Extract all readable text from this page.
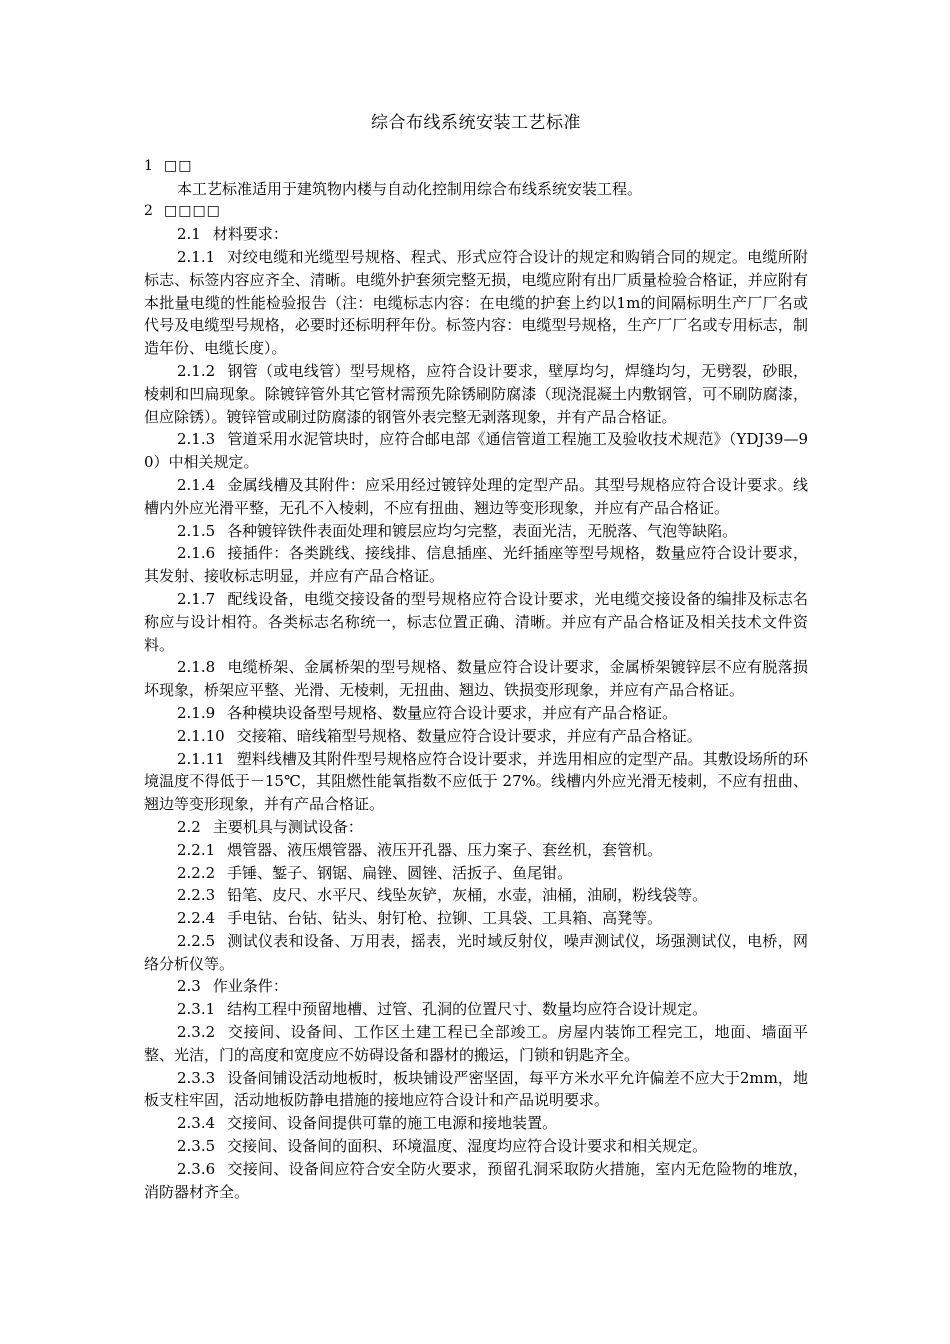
综合布线系统安装工艺标准
1 □□

本工艺标准适用于建筑物内楼与自动化控制用综合布线系统安装工程。

2 □□□□

2.1 材料要求：

2.1.1 对绞电缆和光缆型号规格、程式、形式应符合设计的规定和购销合同的规定。电缆所附标志、标签内容应齐全、清晰。电缆外护套须完整无损，电缆应附有出厂质量检验合格证，并应附有本批量电缆的性能检验报告（注：电缆标志内容：在电缆的护套上约以1m的间隔标明生产厂厂名或代号及电缆型号规格，必要时还标明秤年份。标签内容：电缆型号规格，生产厂厂名或专用标志，制造年份、电缆长度）。

2.1.2 钢管（或电线管）型号规格，应符合设计要求，壁厚均匀，焊缝均匀，无劈裂，砂眼，棱刺和凹扁现象。除镀锌管外其它管材需预先除锈刷防腐漆（现浇混凝土内敷钢管，可不刷防腐漆，但应除锈）。镀锌管或刷过防腐漆的钢管外表完整无剥落现象，并有产品合格证。

2.1.3 管道采用水泥管块时，应符合邮电部《通信管道工程施工及验收技术规范》（YDJ39—90）中相关规定。

2.1.4 金属线槽及其附件：应采用经过镀锌处理的定型产品。其型号规格应符合设计要求。线槽内外应光滑平整，无孔不入棱刺，不应有扭曲、翘边等变形现象，并应有产品合格证。

2.1.5 各种镀锌铁件表面处理和镀层应均匀完整，表面光洁，无脱落、气泡等缺陷。

2.1.6 接插件：各类跳线、接线排、信息插座、光纤插座等型号规格，数量应符合设计要求，其发射、接收标志明显，并应有产品合格证。

2.1.7 配线设备，电缆交接设备的型号规格应符合设计要求，光电缆交接设备的编排及标志名称应与设计相符。各类标志名称统一，标志位置正确、清晰。并应有产品合格证及相关技术文件资料。

2.1.8 电缆桥架、金属桥架的型号规格、数量应符合设计要求，金属桥架镀锌层不应有脱落损坏现象，桥架应平整、光滑、无棱刺，无扭曲、翘边、铁损变形现象，并应有产品合格证。

2.1.9 各种模块设备型号规格、数量应符合设计要求，并应有产品合格证。

2.1.10 交接箱、暗线箱型号规格、数量应符合设计要求，并应有产品合格证。

2.1.11 塑料线槽及其附件型号规格应符合设计要求，并选用相应的定型产品。其敷设场所的环境温度不得低于－15℃，其阻燃性能氧指数不应低于 27%。线槽内外应光滑无棱刺，不应有扭曲、翘边等变形现象，并有产品合格证。

2.2 主要机具与测试设备：

2.2.1 煨管器、液压煨管器、液压开孔器、压力案子、套丝机，套管机。

2.2.2 手锤、錾子、钢锯、扁锉、圆锉、活扳子、鱼尾钳。

2.2.3 铅笔、皮尺、水平尺、线坠灰铲，灰桶，水壶，油桶，油刷，粉线袋等。

2.2.4 手电钻、台钻、钻头、射钉枪、拉铆、工具袋、工具箱、高凳等。

2.2.5 测试仪表和设备、万用表，摇表，光时域反射仪，噪声测试仪，场强测试仪，电桥，网络分析仪等。

2.3 作业条件：

2.3.1 结构工程中预留地槽、过管、孔洞的位置尺寸、数量均应符合设计规定。

2.3.2 交接间、设备间、工作区土建工程已全部竣工。房屋内装饰工程完工，地面、墙面平整、光洁，门的高度和宽度应不妨碍设备和器材的搬运，门锁和钥匙齐全。

2.3.3 设备间铺设活动地板时，板块铺设严密坚固，每平方米水平允许偏差不应大于2mm，地板支柱牢固，活动地板防静电措施的接地应符合设计和产品说明要求。

2.3.4 交接间、设备间提供可靠的施工电源和接地装置。

2.3.5 交接间、设备间的面积、环境温度、湿度均应符合设计要求和相关规定。

2.3.6 交接间、设备间应符合安全防火要求，预留孔洞采取防火措施，室内无危险物的堆放，消防器材齐全。
